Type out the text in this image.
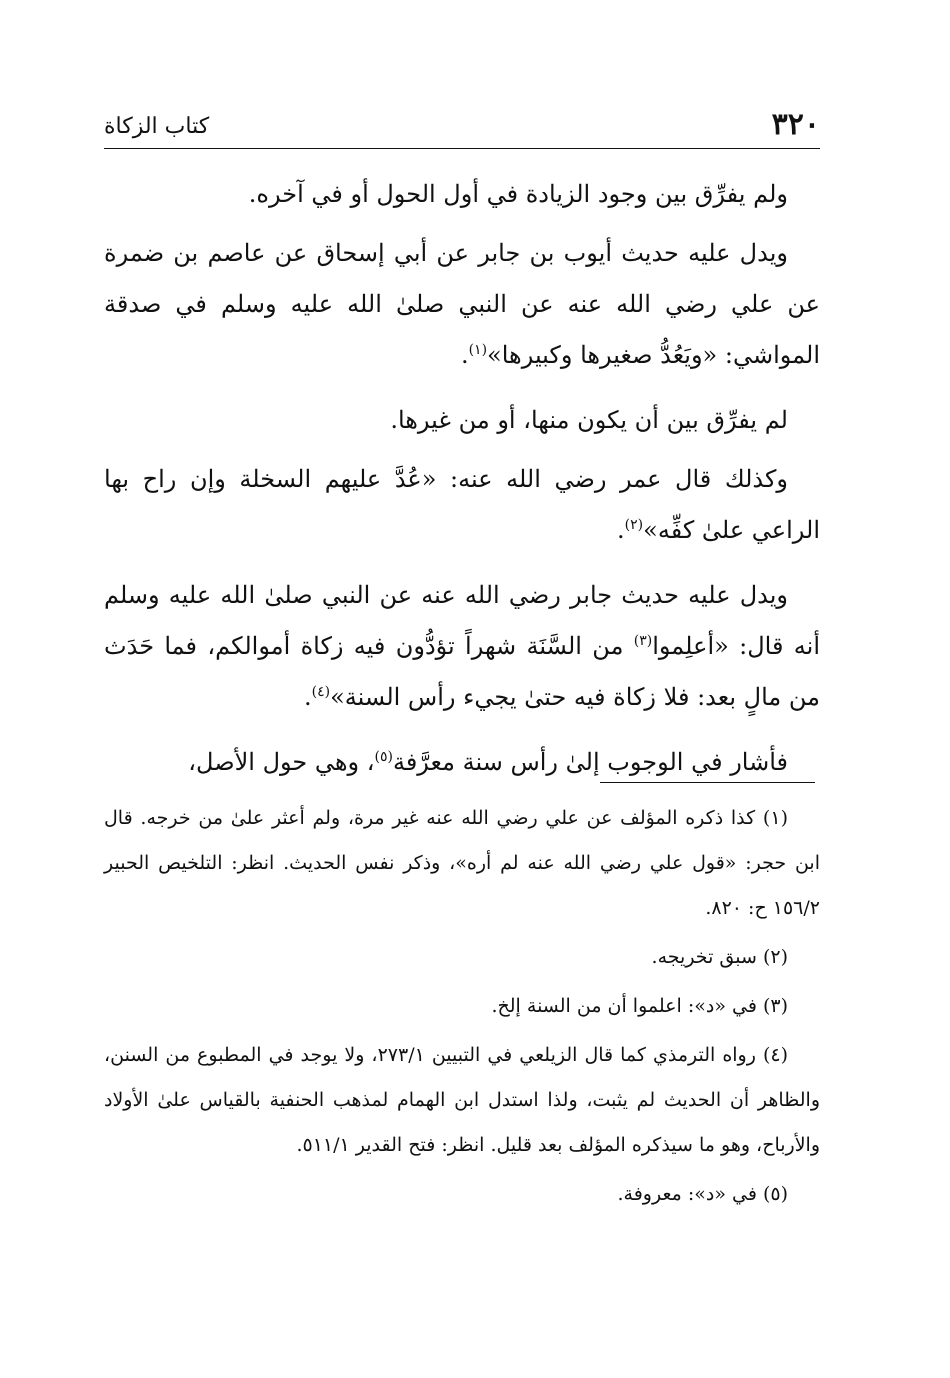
٣٢٠
كتاب الزكاة

ولم يفرِّق بين وجود الزيادة في أول الحول أو في آخره.

ويدل عليه حديث أيوب بن جابر عن أبي إسحاق عن عاصم بن ضمرة عن علي رضي الله عنه عن النبي صلىٰ الله عليه وسلم في صدقة المواشي: «ويَعُدُّ صغيرها وكبيرها»$^{(١)}$.

لم يفرِّق بين أن يكون منها، أو من غيرها.

وكذلك قال عمر رضي الله عنه: «عُدَّ عليهم السخلة وإن راح بها الراعي علىٰ كفِّه»$^{(٢)}$.

ويدل عليه حديث جابر رضي الله عنه عن النبي صلىٰ الله عليه وسلم أنه قال: «أعلِموا$^{(٣)}$ من السَّنَة شهراً تؤدُّون فيه زكاة أموالكم، فما حَدَث من مالٍ بعد: فلا زكاة فيه حتىٰ يجيء رأس السنة»$^{(٤)}$.

فأشار في الوجوب إلىٰ رأس سنة معرَّفة$^{(٥)}$، وهي حول الأصل،

(١) كذا ذكره المؤلف عن علي رضي الله عنه غير مرة، ولم أعثر علىٰ من خرجه. قال ابن حجر: «قول علي رضي الله عنه لم أره»، وذكر نفس الحديث. انظر: التلخيص الحبير ١٥٦/٢ ح: ٨٢٠.

(٢) سبق تخريجه.

(٣) في «د»: اعلموا أن من السنة إلخ.

(٤) رواه الترمذي كما قال الزيلعي في التبيين ٢٧٣/١، ولا يوجد في المطبوع من السنن، والظاهر أن الحديث لم يثبت، ولذا استدل ابن الهمام لمذهب الحنفية بالقياس علىٰ الأولاد والأرباح، وهو ما سيذكره المؤلف بعد قليل. انظر: فتح القدير ٥١١/١.

(٥) في «د»: معروفة.
